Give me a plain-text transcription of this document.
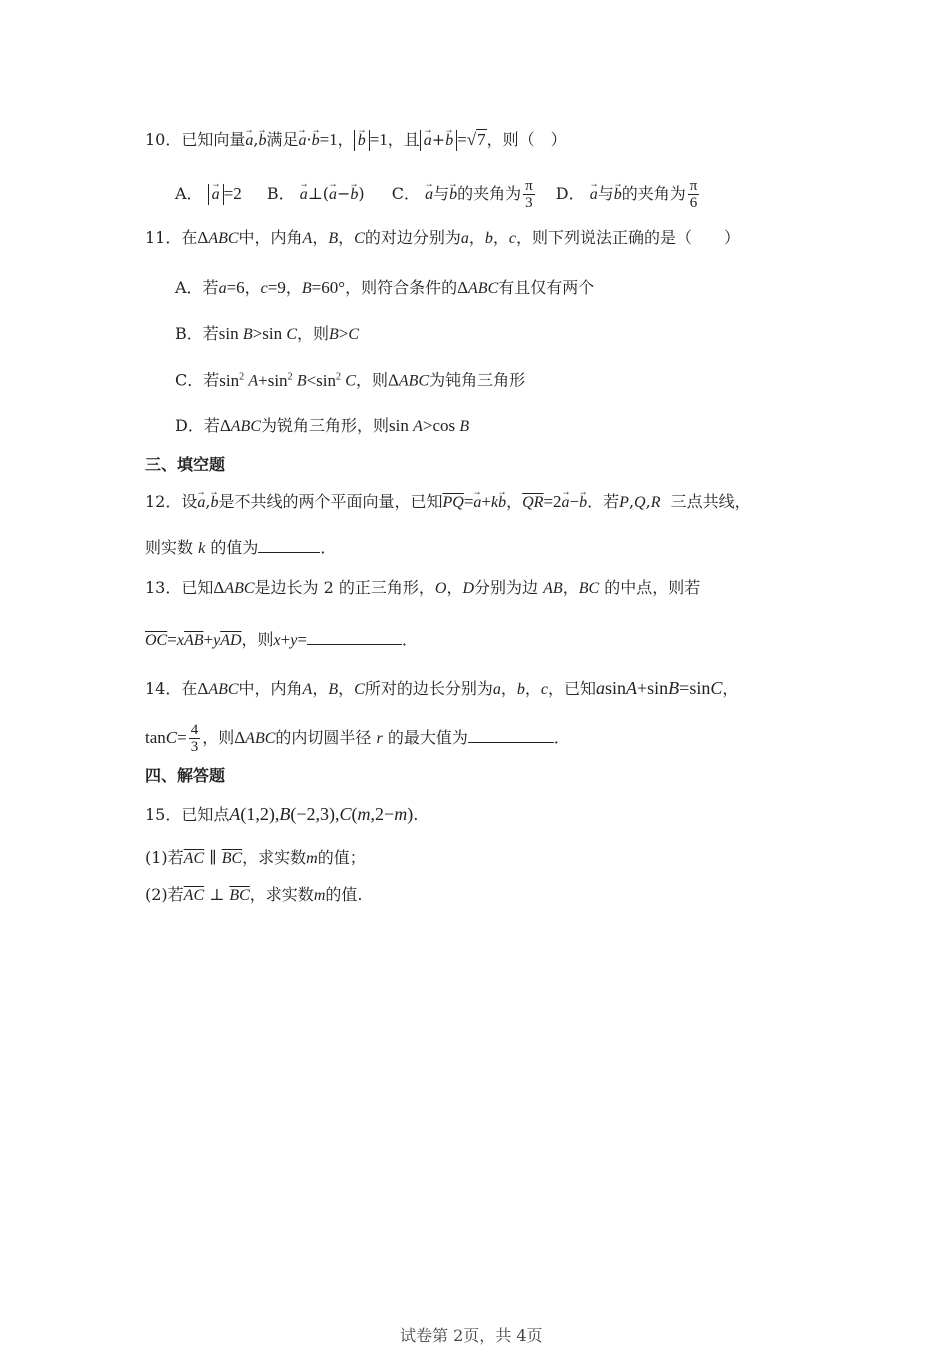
10．已知向量→ a,→ b满足→ a·→ b=1， → b =1，且 → a+→ b =√7，则（　）
A． → a =2 B． → a⊥(→ a−→ b) C． → a与→ b的夹角为 $\frac{\pi}{3}$ D． → a与→ b的夹角为 $\frac{\pi}{6}$
11．在ΔABC中，内角A，B，C的对边分别为a，b，c，则下列说法正确的是（　　）
A．若a=6，c=9，B=60°，则符合条件的ΔABC有且仅有两个
B．若sin B>sin C，则B>C
C．若$\sin^2 A+\sin^2$ $B<\sin^2$ C，则ΔABC为钝角三角形
D．若ΔABC为锐角三角形，则sin A>cos B
三、填空题
12．设→ a,→ b是不共线的两个平面向量，已知$\overline{PQ}=\to a+k\to b$，$\overline{QR}=2\to a-\to b$．若P,Q,R 三点共线，
则实数 k 的值为	．
13．已知ΔABC是边长为 2 的正三角形，O，D分别为边 AB，BC 的中点，则若
$\overline{OC}=x\overline{AB}+y\overline{AD}$，则x+y=	．
14．在ΔABC中，内角A，B，C所对的边长分别为a，b，c，已知asinA+sinB=sinC，
$\tan C= \frac{4}{3}$ ，则ΔABC的内切圆半径 r 的最大值为	．
四、解答题
15．已知点A(1,2),B(−2,3),C(m,2−m).
(1)若$\overline{AC}$ ∥ $\overline{BC}$，求实数m的值；
(2)若$\overline{AC}$ ⊥ $\overline{BC}$，求实数m的值.
试卷第 2页，共 4页
